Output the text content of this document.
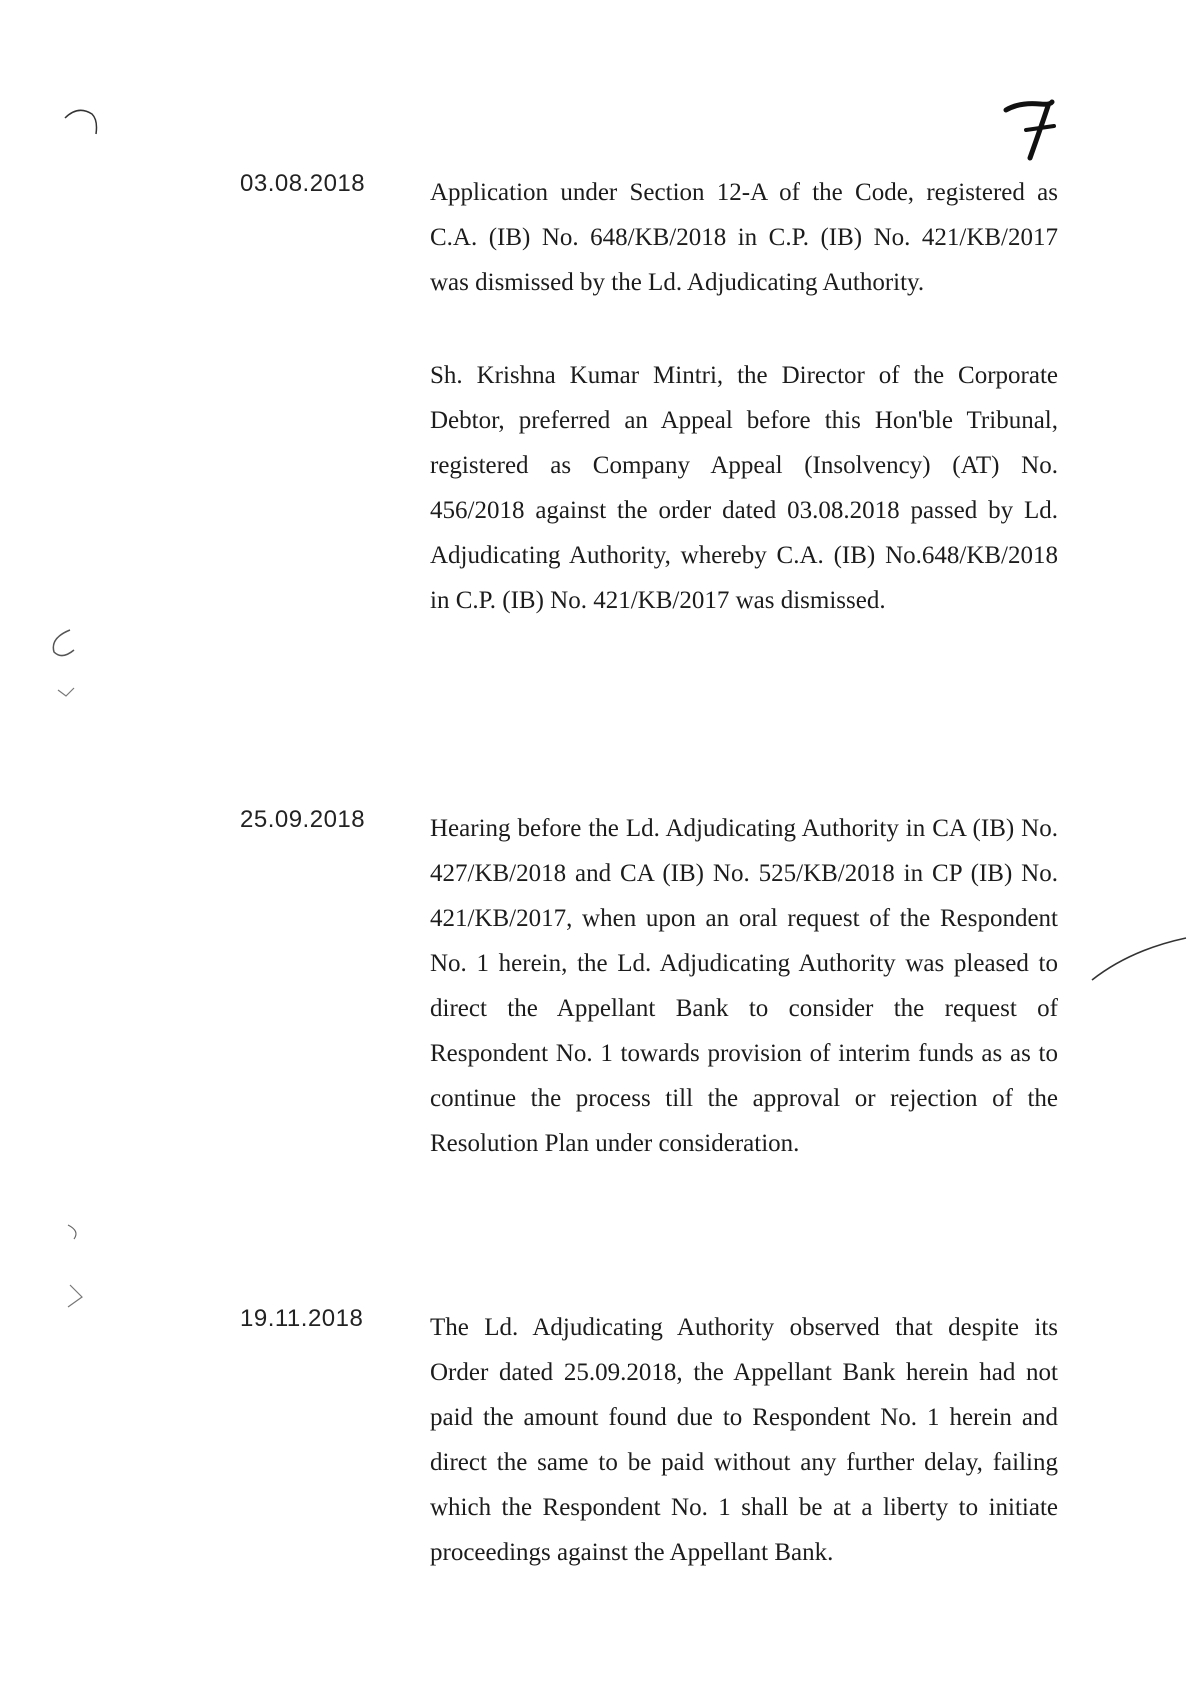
03.08.2018	Application under Section 12-A of the Code, registered as C.A. (IB) No. 648/KB/2018 in C.P. (IB) No. 421/KB/2017 was dismissed by the Ld. Adjudicating Authority.

Sh. Krishna Kumar Mintri, the Director of the Corporate Debtor, preferred an Appeal before this Hon'ble Tribunal, registered as Company Appeal (Insolvency) (AT) No. 456/2018 against the order dated 03.08.2018 passed by Ld. Adjudicating Authority, whereby C.A. (IB) No.648/KB/2018 in C.P. (IB) No. 421/KB/2017 was dismissed.

25.09.2018	Hearing before the Ld. Adjudicating Authority in CA (IB) No. 427/KB/2018 and CA (IB) No. 525/KB/2018 in CP (IB) No. 421/KB/2017, when upon an oral request of the Respondent No. 1 herein, the Ld. Adjudicating Authority was pleased to direct the Appellant Bank to consider the request of Respondent No. 1 towards provision of interim funds as as to continue the process till the approval or rejection of the Resolution Plan under consideration.

19.11.2018	The Ld. Adjudicating Authority observed that despite its Order dated 25.09.2018, the Appellant Bank herein had not paid the amount found due to Respondent No. 1 herein and direct the same to be paid without any further delay, failing which the Respondent No. 1 shall be at a liberty to initiate proceedings against the Appellant Bank.
